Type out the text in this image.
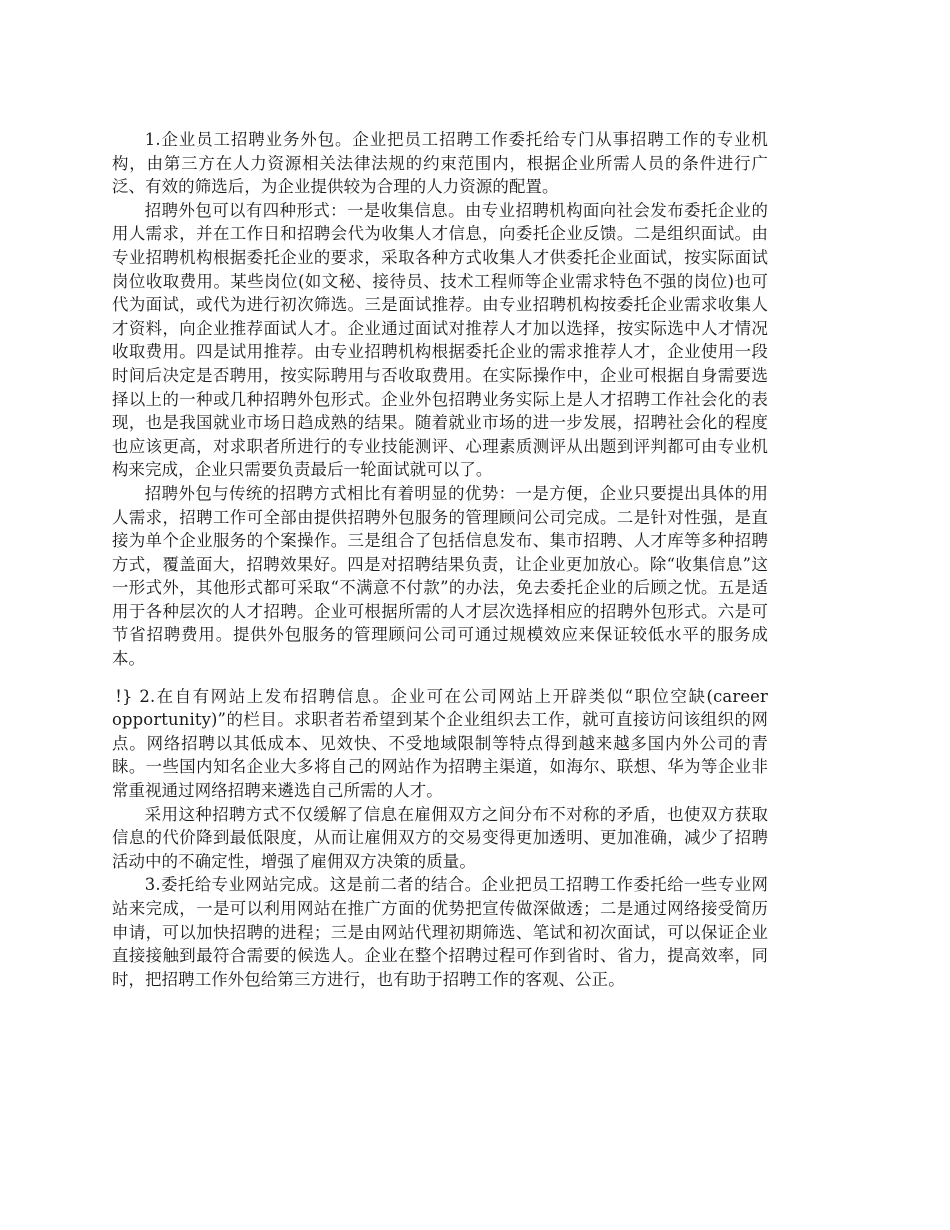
1.企业员工招聘业务外包。企业把员工招聘工作委托给专门从事招聘工作的专业机构，由第三方在人力资源相关法律法规的约束范围内，根据企业所需人员的条件进行广泛、有效的筛选后，为企业提供较为合理的人力资源的配置。

招聘外包可以有四种形式：一是收集信息。由专业招聘机构面向社会发布委托企业的用人需求，并在工作日和招聘会代为收集人才信息，向委托企业反馈。二是组织面试。由专业招聘机构根据委托企业的要求，采取各种方式收集人才供委托企业面试，按实际面试岗位收取费用。某些岗位(如文秘、接待员、技术工程师等企业需求特色不强的岗位)也可代为面试，或代为进行初次筛选。三是面试推荐。由专业招聘机构按委托企业需求收集人才资料，向企业推荐面试人才。企业通过面试对推荐人才加以选择，按实际选中人才情况收取费用。四是试用推荐。由专业招聘机构根据委托企业的需求推荐人才，企业使用一段时间后决定是否聘用，按实际聘用与否收取费用。在实际操作中，企业可根据自身需要选择以上的一种或几种招聘外包形式。企业外包招聘业务实际上是人才招聘工作社会化的表现，也是我国就业市场日趋成熟的结果。随着就业市场的进一步发展，招聘社会化的程度也应该更高，对求职者所进行的专业技能测评、心理素质测评从出题到评判都可由专业机构来完成，企业只需要负责最后一轮面试就可以了。

招聘外包与传统的招聘方式相比有着明显的优势：一是方便，企业只要提出具体的用人需求，招聘工作可全部由提供招聘外包服务的管理顾问公司完成。二是针对性强，是直接为单个企业服务的个案操作。三是组合了包括信息发布、集市招聘、人才库等多种招聘方式，覆盖面大，招聘效果好。四是对招聘结果负责，让企业更加放心。除“收集信息”这一形式外，其他形式都可采取“不满意不付款”的办法，免去委托企业的后顾之忧。五是适用于各种层次的人才招聘。企业可根据所需的人才层次选择相应的招聘外包形式。六是可节省招聘费用。提供外包服务的管理顾问公司可通过规模效应来保证较低水平的服务成本。

!} 2.在自有网站上发布招聘信息。企业可在公司网站上开辟类似“职位空缺(career opportunity)”的栏目。求职者若希望到某个企业组织去工作，就可直接访问该组织的网点。网络招聘以其低成本、见效快、不受地域限制等特点得到越来越多国内外公司的青睐。一些国内知名企业大多将自己的网站作为招聘主渠道，如海尔、联想、华为等企业非常重视通过网络招聘来遴选自己所需的人才。

采用这种招聘方式不仅缓解了信息在雇佣双方之间分布不对称的矛盾，也使双方获取信息的代价降到最低限度，从而让雇佣双方的交易变得更加透明、更加准确，减少了招聘活动中的不确定性，增强了雇佣双方决策的质量。

3.委托给专业网站完成。这是前二者的结合。企业把员工招聘工作委托给一些专业网站来完成，一是可以利用网站在推广方面的优势把宣传做深做透；二是通过网络接受简历申请，可以加快招聘的进程；三是由网站代理初期筛选、笔试和初次面试，可以保证企业直接接触到最符合需要的候选人。企业在整个招聘过程可作到省时、省力，提高效率，同时，把招聘工作外包给第三方进行，也有助于招聘工作的客观、公正。
